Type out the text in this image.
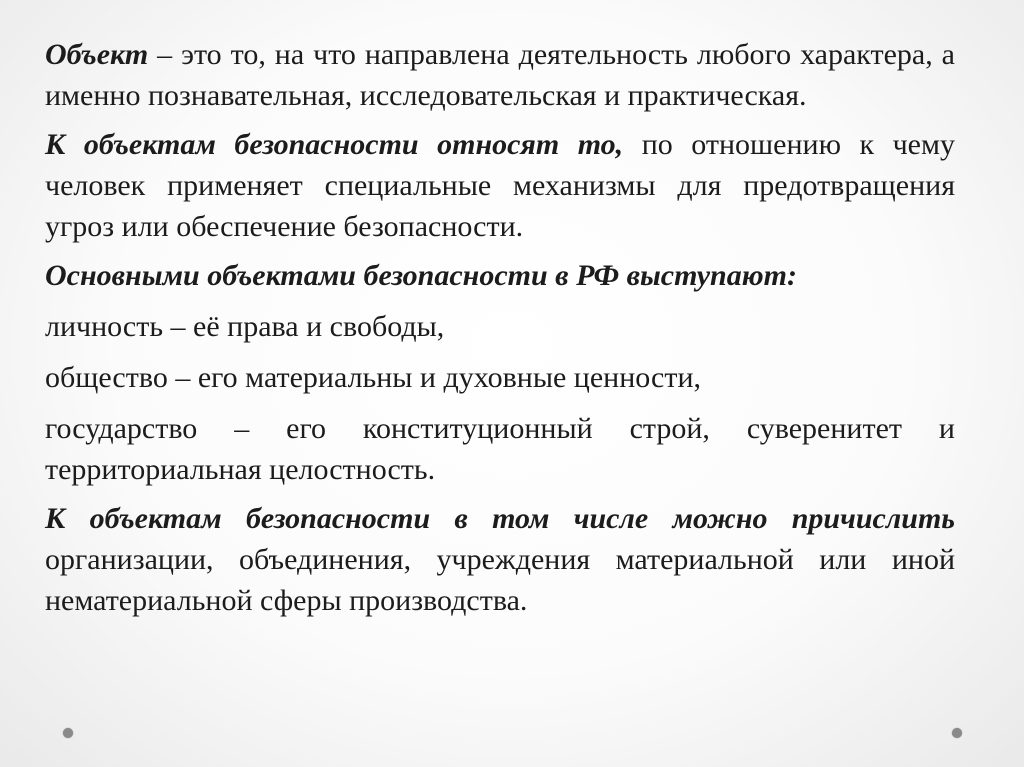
Объект – это то, на что направлена деятельность любого характера, а именно познавательная, исследовательская и практическая.

К объектам безопасности относят то, по отношению к чему человек применяет специальные механизмы для предотвращения угроз или обеспечение безопасности.

Основными объектами безопасности в РФ выступают:

личность – её права и свободы,

общество – его материальны и духовные ценности,

государство – его конституционный строй, суверенитет и территориальная целостность.

К объектам безопасности в том числе можно причислить организации, объединения, учреждения материальной или иной нематериальной сферы производства.
